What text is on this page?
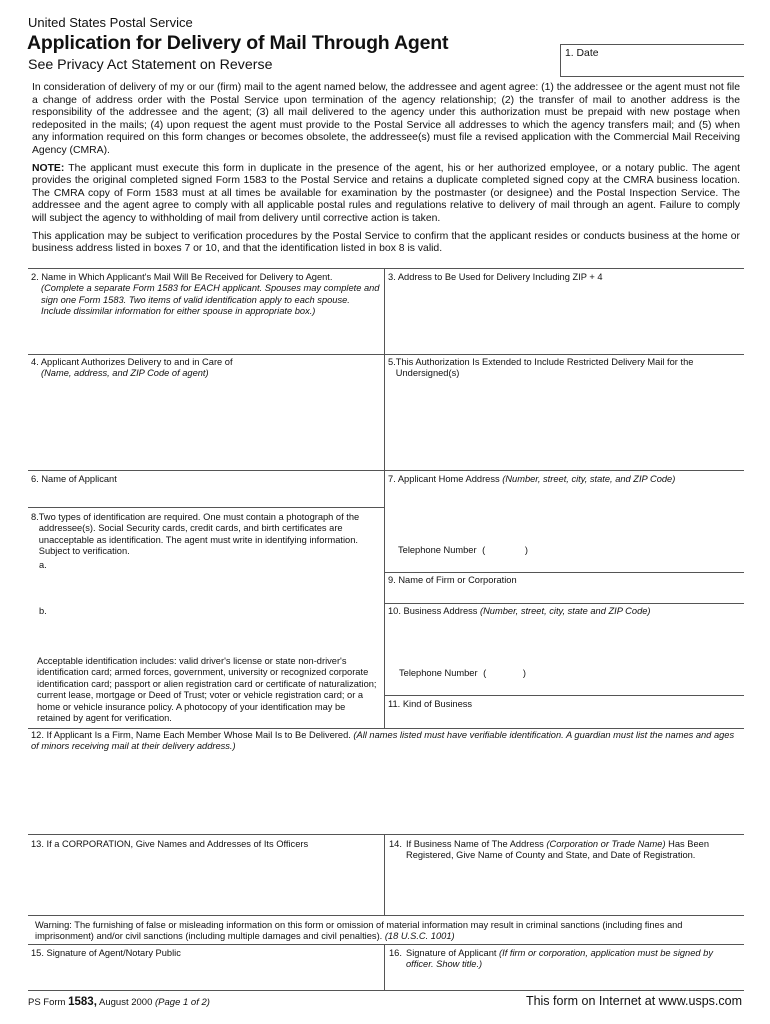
United States Postal Service
Application for Delivery of Mail Through Agent
See Privacy Act Statement on Reverse
1. Date

In consideration of delivery of my or our (firm) mail to the agent named below, the addressee and agent agree: (1) the addressee or the agent must not file a change of address order with the Postal Service upon termination of the agency relationship; (2) the transfer of mail to another address is the responsibility of the addressee and the agent; (3) all mail delivered to the agency under this authorization must be prepaid with new postage when redeposited in the mails; (4) upon request the agent must provide to the Postal Service all addresses to which the agency transfers mail; and (5) when any information required on this form changes or becomes obsolete, the addressee(s) must file a revised application with the Commercial Mail Receiving Agency (CMRA).

NOTE: The applicant must execute this form in duplicate in the presence of the agent, his or her authorized employee, or a notary public. The agent provides the original completed signed Form 1583 to the Postal Service and retains a duplicate completed signed copy at the CMRA business location. The CMRA copy of Form 1583 must at all times be available for examination by the postmaster (or designee) and the Postal Inspection Service. The addressee and the agent agree to comply with all applicable postal rules and regulations relative to delivery of mail through an agent. Failure to comply will subject the agency to withholding of mail from delivery until corrective action is taken.

This application may be subject to verification procedures by the Postal Service to confirm that the applicant resides or conducts business at the home or business address listed in boxes 7 or 10, and that the identification listed in box 8 is valid.

2. Name in Which Applicant's Mail Will Be Received for Delivery to Agent.
(Complete a separate Form 1583 for EACH applicant. Spouses may complete and sign one Form 1583. Two items of valid identification apply to each spouse. Include dissimilar information for either spouse in appropriate box.)
3. Address to Be Used for Delivery Including ZIP + 4
4. Applicant Authorizes Delivery to and in Care of
(Name, address, and ZIP Code of agent)
5. This Authorization Is Extended to Include Restricted Delivery Mail for the Undersigned(s)
6. Name of Applicant	7. Applicant Home Address (Number, street, city, state, and ZIP Code)
Telephone Number (	)
8. Two types of identification are required. One must contain a photograph of the addressee(s). Social Security cards, credit cards, and birth certificates are unacceptable as identification. The agent must write in identifying information. Subject to verification.
a.
b.
Acceptable identification includes: valid driver's license or state non-driver's identification card; armed forces, government, university or recognized corporate identification card; passport or alien registration card or certificate of naturalization; current lease, mortgage or Deed of Trust; voter or vehicle registration card; or a home or vehicle insurance policy. A photocopy of your identification may be retained by agent for verification.
9. Name of Firm or Corporation
10. Business Address (Number, street, city, state and ZIP Code)
Telephone Number (	)
11. Kind of Business
12. If Applicant Is a Firm, Name Each Member Whose Mail Is to Be Delivered. (All names listed must have verifiable identification. A guardian must list the names and ages of minors receiving mail at their delivery address.)
13. If a CORPORATION, Give Names and Addresses of Its Officers	14. If Business Name of The Address (Corporation or Trade Name) Has Been Registered, Give Name of County and State, and Date of Registration.
Warning: The furnishing of false or misleading information on this form or omission of material information may result in criminal sanctions (including fines and imprisonment) and/or civil sanctions (including multiple damages and civil penalties). (18 U.S.C. 1001)
15. Signature of Agent/Notary Public	16. Signature of Applicant (If firm or corporation, application must be signed by officer. Show title.)
PS Form 1583, August 2000 (Page 1 of 2)	This form on Internet at www.usps.com
